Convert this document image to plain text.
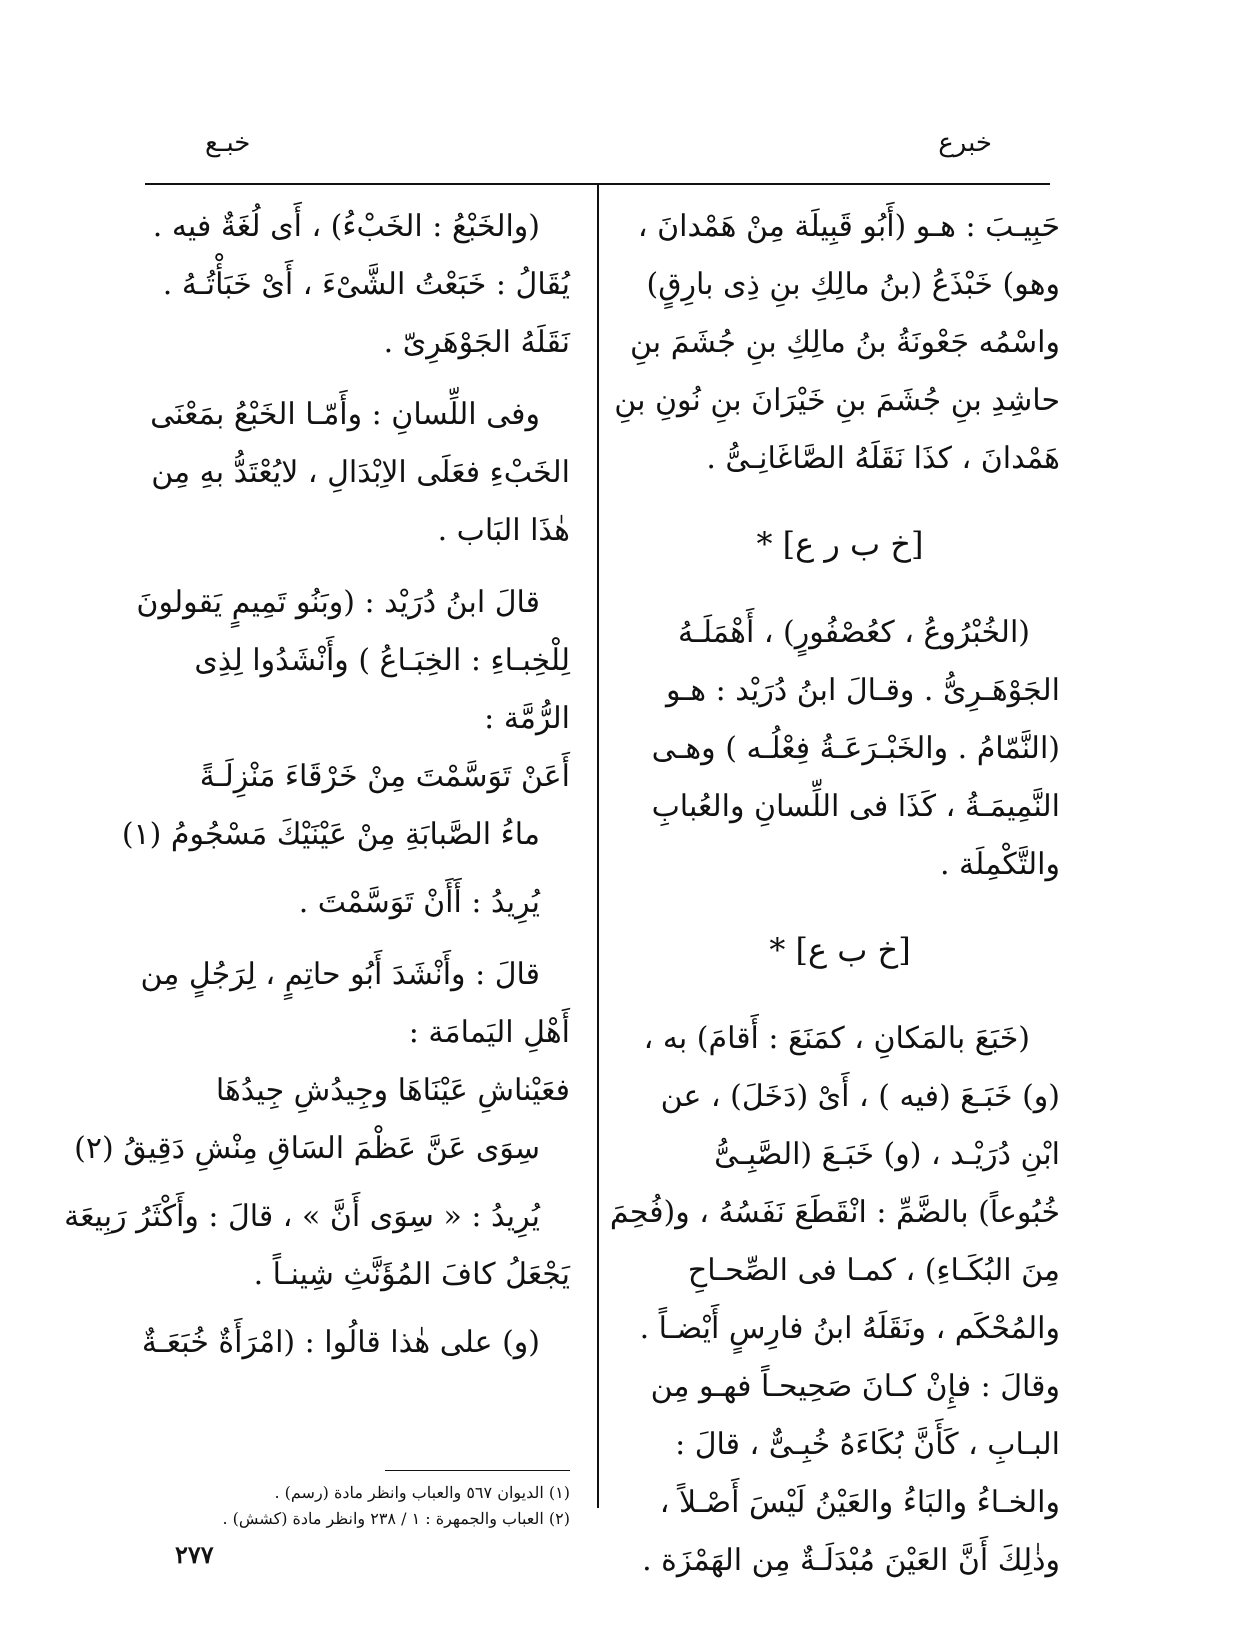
خبرع
خبـع
حَبِيـبَ : هـو (أَبُو قَبِيلَة مِنْ هَمْدانَ ،
وهو) خَبْذَعُ (بنُ مالِكِ بنِ ذِى بارِقٍ)
واسْمُه جَعْونَةُ بنُ مالِكِ بنِ جُشَمَ بنِ
حاشِدِ بنِ جُشَمَ بنِ خَيْرَانَ بنِ نُونِ بنِ
هَمْدانَ ، كذَا نَقَلَهُ الصَّاغَانِـىُّ .
[خ ب ر ع] *
(الخُبْرُوعُ ، كعُصْفُورٍ) ، أَهْمَلَـهُ
الجَوْهَـرِىُّ . وقـالَ ابنُ دُرَيْد : هـو
(النَّمّامُ . والخَبْـرَعَـةُ فِعْلُـه ) وهـى
النَّمِيمَـةُ ، كَذَا فى اللِّسانِ والعُبابِ
والتَّكْمِلَة .
[خ ب ع] *
(خَبَعَ بالمَكانِ ، كمَنَعَ : أَقامَ) به ،
(و) خَبَـعَ (فيه ) ، أَىْ (دَخَلَ) ، عن
ابْنِ دُرَيْـد ، (و) خَبَـعَ (الصَّبِـىُّ
خُبُوعاً) بالضَّمِّ : انْقَطَعَ نَفَسُهُ ، و(فُحِمَ
مِنَ البُكَـاءِ) ، كمـا فى الصِّحـاحِ
والمُحْكَم ، ونَقَلَهُ ابنُ فارِسٍ أَيْضـاً .
وقالَ : فإِنْ كـانَ صَحِيحـاً فهـو مِن
البـابِ ، كَأَنَّ بُكَاءَهُ خُبِـىٌّ ، قالَ :
والخـاءُ والبَاءُ والعَيْنُ لَيْسَ أَصْـلاً ،
وذٰلِكَ أَنَّ العَيْنَ مُبْدَلَـةٌ مِن الهَمْزَة .
(والخَبْعُ : الخَبْءُ) ، أَى لُغَةٌ فيه .
يُقَالُ : خَبَعْتُ الشَّىْءَ ، أَىْ خَبَأْتُـهُ .
نَقَلَهُ الجَوْهَرِىّ .
وفى اللِّسانِ : وأَمّـا الخَبْعُ بمَعْنَى
الخَبْءِ فعَلَى الاِبْدَالِ ، لايُعْتَدُّ بهِ مِن
هٰذَا البَاب .
قالَ ابنُ دُرَيْد : (وبَنُو تَمِيمٍ يَقولونَ
لِلْخِبـاءِ : الخِبَـاعُ ) وأَنْشَدُوا لِذِى
الرُّمَّة :
أَعَنْ تَوَسَّمْتَ مِنْ خَرْقَاءَ مَنْزِلَـةً
ماءُ الصَّبابَةِ مِنْ عَيْنَيْكَ مَسْجُومُ (١)
يُرِيدُ : أَأَنْ تَوَسَّمْتَ .
قالَ : وأَنْشَدَ أَبُو حاتِمٍ ، لِرَجُلٍ مِن
أَهْلِ اليَمامَة :
فعَيْناشِ عَيْنَاهَا وجِيدُشِ جِيدُهَا
سِوَى عَنَّ عَظْمَ السَاقِ مِنْشِ دَقِيقُ (٢)
يُرِيدُ : « سِوَى أَنَّ » ، قالَ : وأَكْثَرُ رَبِيعَة
يَجْعَلُ كافَ المُؤَنَّثِ شِينـاً .
(و) على هٰذا قالُوا : (امْرَأَةٌ خُبَعَـةٌ
(١) الديوان ٥٦٧ والعباب وانظر مادة (رسم) .
(٢) العباب والجمهرة : ١ / ٢٣٨ وانظر مادة (كشش) .
٢٧٧
